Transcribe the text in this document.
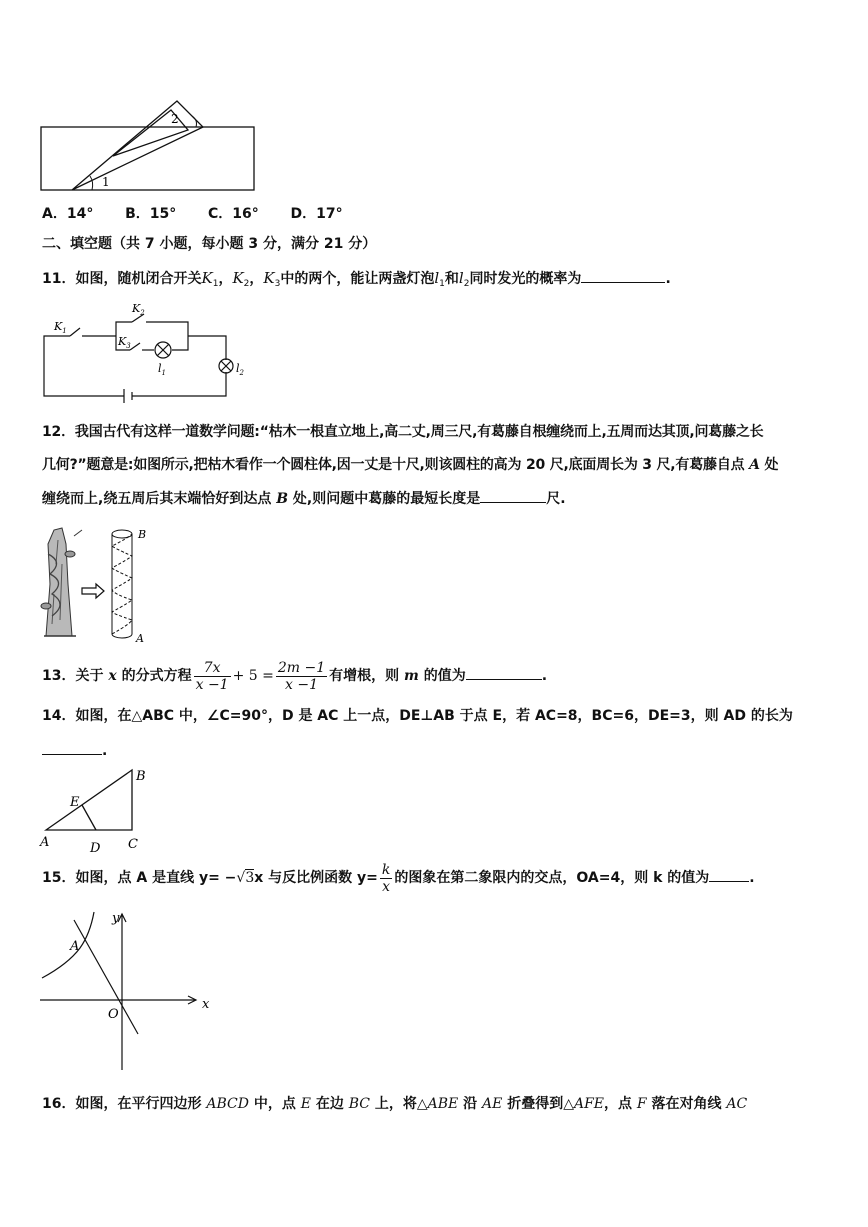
1
2
A．14° B．15° C．16° D．17°
二、填空题（共 7 小题，每小题 3 分，满分 21 分）
11．如图，随机闭合开关$K_1$，$K_2$，$K_3$中的两个，能让两盏灯泡$l_1$和$l_2$同时发光的概率为	.
$K_1$
$K_2$
$K_3$
$l_1$	$l_2$
12．我国古代有这样一道数学问题:“枯木一根直立地上,高二丈,周三尺,有葛藤自根缠绕而上,五周而达其顶,问葛藤之长
几何?”题意是:如图所示,把枯木看作一个圆柱体,因一丈是十尺,则该圆柱的高为 20 尺,底面周长为 3 尺,有葛藤自点 A 处
缠绕而上,绕五周后其末端恰好到达点 B 处,则问题中葛藤的最短长度是	尺.
B
A
13．关于 x 的分式方程 $\frac{7x}{x -1} + 5 = \frac{2m -1}{x -1}$ 有增根，则 m 的值为	.
14．如图，在△ABC 中，∠C=90°，D 是 AC 上一点，DE⊥AB 于点 E，若 AC=8，BC=6，DE=3，则 AD 的长为
.
B
E
A	D C
15．如图，点 A 是直线 y= −√3x 与反比例函数 $y= \frac{k}{x}$ 的图象在第二象限内的交点，OA=4，则 k 的值为	.
y
x
O
A
16．如图，在平行四边形 ABCD 中，点 E 在边 BC 上，将△ABE 沿 AE 折叠得到△AFE，点 F 落在对角线 AC
